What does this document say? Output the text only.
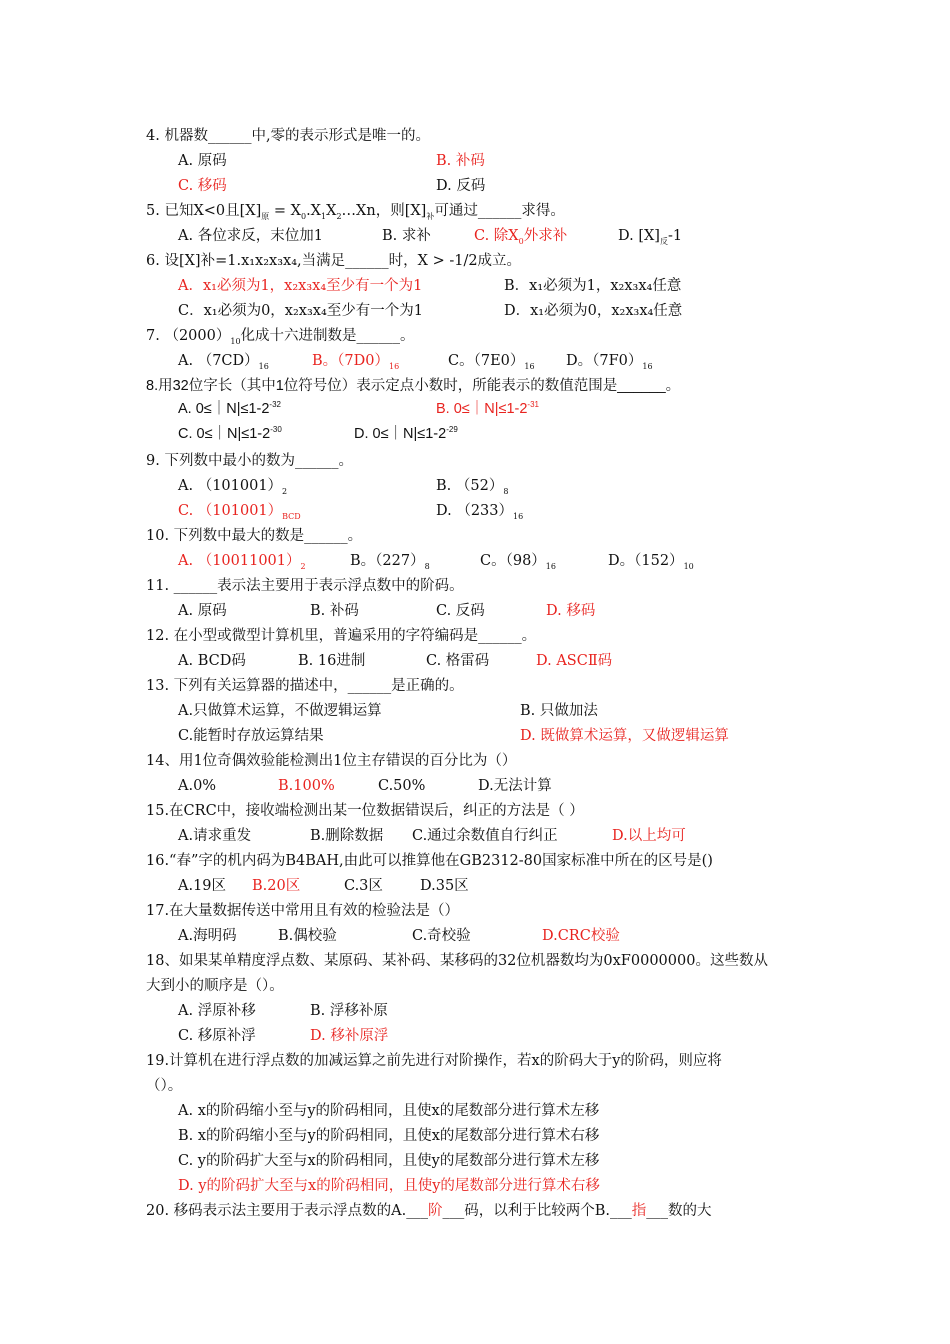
4. 机器数______中,零的表示形式是唯一的。
A. 原码	B. 补码
C. 移码	D. 反码
5. 已知X<0且$[X]_原$ = $X_0.X_1X_2\dots Xn$，则$[X]_补$可通过______求得。
A. 各位求反，末位加1	B. 求补	C. 除$X_0$外求补	D. $[X]_反-1$
6. 设[X]补=1.x₁x₂x₃x₄,当满足______时，X > -1/2成立。
A．x₁必须为1，x₂x₃x₄至少有一个为1	B．x₁必须为1，x₂x₃x₄任意
C．x₁必须为0，x₂x₃x₄至少有一个为1	D．x₁必须为0，x₂x₃x₄任意
7. $(2000)_{10}$化成十六进制数是______。
A. $(7CD)_{16}$	B。$(7D0)_{16}$	C。$(7E0)_{16}$ D。$(7F0)_{16}$
8.用32位字长（其中1位符号位）表示定点小数时，所能表示的数值范围是______。
A. $0\le|N|\le 1-2^{-32}$	B. $0\le|N|\le 1-2^{-31}$
C. $0\le|N|\le 1-2^{-30}$	D. $0\le|N|\le 1-2^{-29}$
9. 下列数中最小的数为______。
A. $(101001)_2$	B. $(52)_8$
C. $(101001)_{BCD}$	D. $(233)_{16}$
10. 下列数中最大的数是______。
A. $(10011001)_2$	B。$(227)_8$	C。$(98)_{16}$	D。$(152)_{10}$
11. ______表示法主要用于表示浮点数中的阶码。
A. 原码	B. 补码	C. 反码	D. 移码
12. 在小型或微型计算机里，普遍采用的字符编码是______。
A. BCD码	B. 16进制	C. 格雷码	D. ASCⅡ码
13. 下列有关运算器的描述中，______是正确的。
A.只做算术运算，不做逻辑运算	B. 只做加法
C.能暂时存放运算结果	D. 既做算术运算，又做逻辑运算
14、用1位奇偶效验能检测出1位主存错误的百分比为（）
A.0%	B.100%	C.50%	D.无法计算
15.在CRC中，接收端检测出某一位数据错误后，纠正的方法是（ ）
A.请求重发	B.删除数据 C.通过余数值自行纠正	D.以上均可
16.“春”字的机内码为B4BAH,由此可以推算他在GB2312-80国家标准中所在的区号是()
A.19区 B.20区	C.3区	D.35区
17.在大量数据传送中常用且有效的检验法是（）
A.海明码	B.偶校验	C.奇校验	D.CRC校验
18、如果某单精度浮点数、某原码、某补码、某移码的32位机器数均为0xF0000000。这些数从
大到小的顺序是（）。
A. 浮原补移	B. 浮移补原
C. 移原补浮	D. 移补原浮
19.计算机在进行浮点数的加减运算之前先进行对阶操作，若x的阶码大于y的阶码，则应将
（）。
A. x的阶码缩小至与y的阶码相同，且使x的尾数部分进行算术左移
B. x的阶码缩小至与y的阶码相同，且使x的尾数部分进行算术右移
C. y的阶码扩大至与x的阶码相同，且使y的尾数部分进行算术左移
D. y的阶码扩大至与x的阶码相同，且使y的尾数部分进行算术右移
20. 移码表示法主要用于表示浮点数的A.___阶___码，以利于比较两个B.___指___数的大
